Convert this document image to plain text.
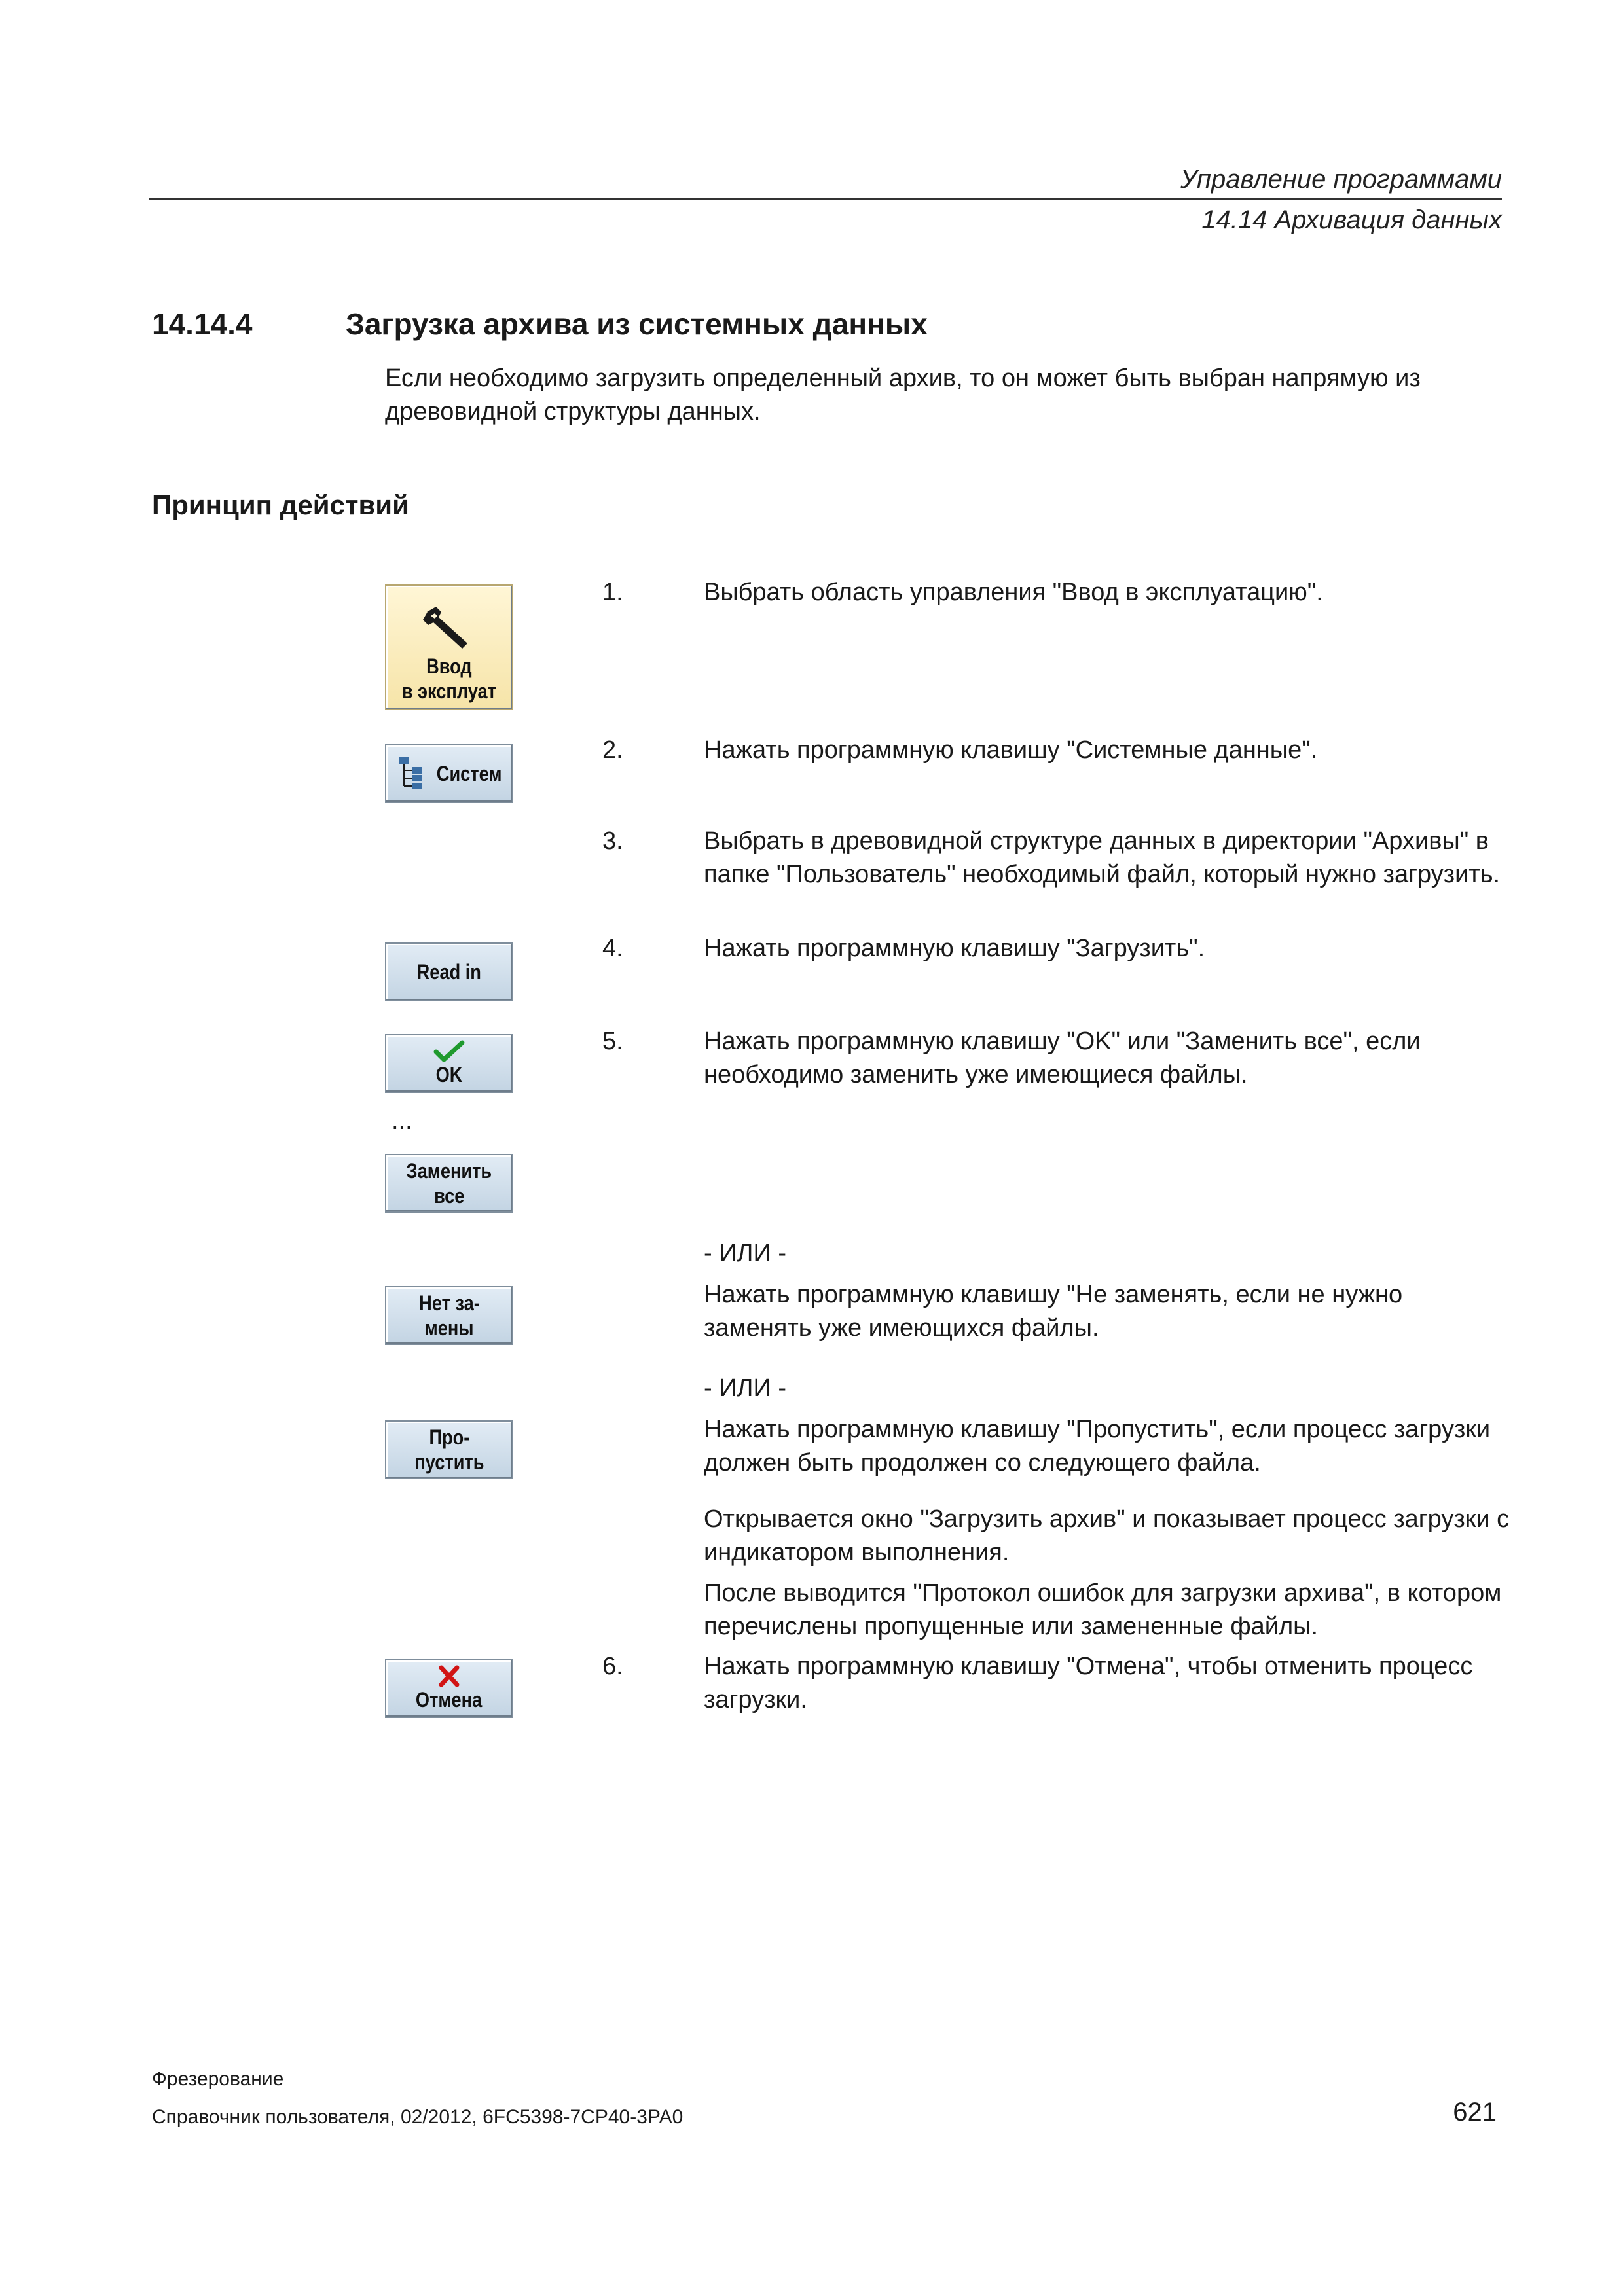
Управление программами
14.14 Архивация данных
14.14.4	Загрузка архива из системных данных
Если необходимо загрузить определенный архив, то он может быть выбран напрямую из древовидной структуры данных.
Принцип действий
Ввод
в эксплуат
Систем
Read in
OK
...
Заменить
все
Нет за-
мены
Про-
пустить
Отмена
1.	Выбрать область управления "Ввод в эксплуатацию".
2.	Нажать программную клавишу "Системные данные".
3.	Выбрать в древовидной структуре данных в директории "Архивы" в папке "Пользователь" необходимый файл, который нужно загрузить.
4.	Нажать программную клавишу "Загрузить".
5.	Нажать программную клавишу "OK" или "Заменить все", если необходимо заменить уже имеющиеся файлы.
- ИЛИ -
Нажать программную клавишу "Не заменять, если не нужно заменять уже имеющихся файлы.
- ИЛИ -
Нажать программную клавишу "Пропустить", если процесс загрузки должен быть продолжен со следующего файла.
Открывается окно "Загрузить архив" и показывает процесс загрузки с индикатором выполнения.
После выводится "Протокол ошибок для загрузки архива", в котором перечислены пропущенные или замененные файлы.
6.	Нажать программную клавишу "Отмена", чтобы отменить процесс загрузки.
Фрезерование
Справочник пользователя, 02/2012, 6FC5398-7CP40-3PA0	621
